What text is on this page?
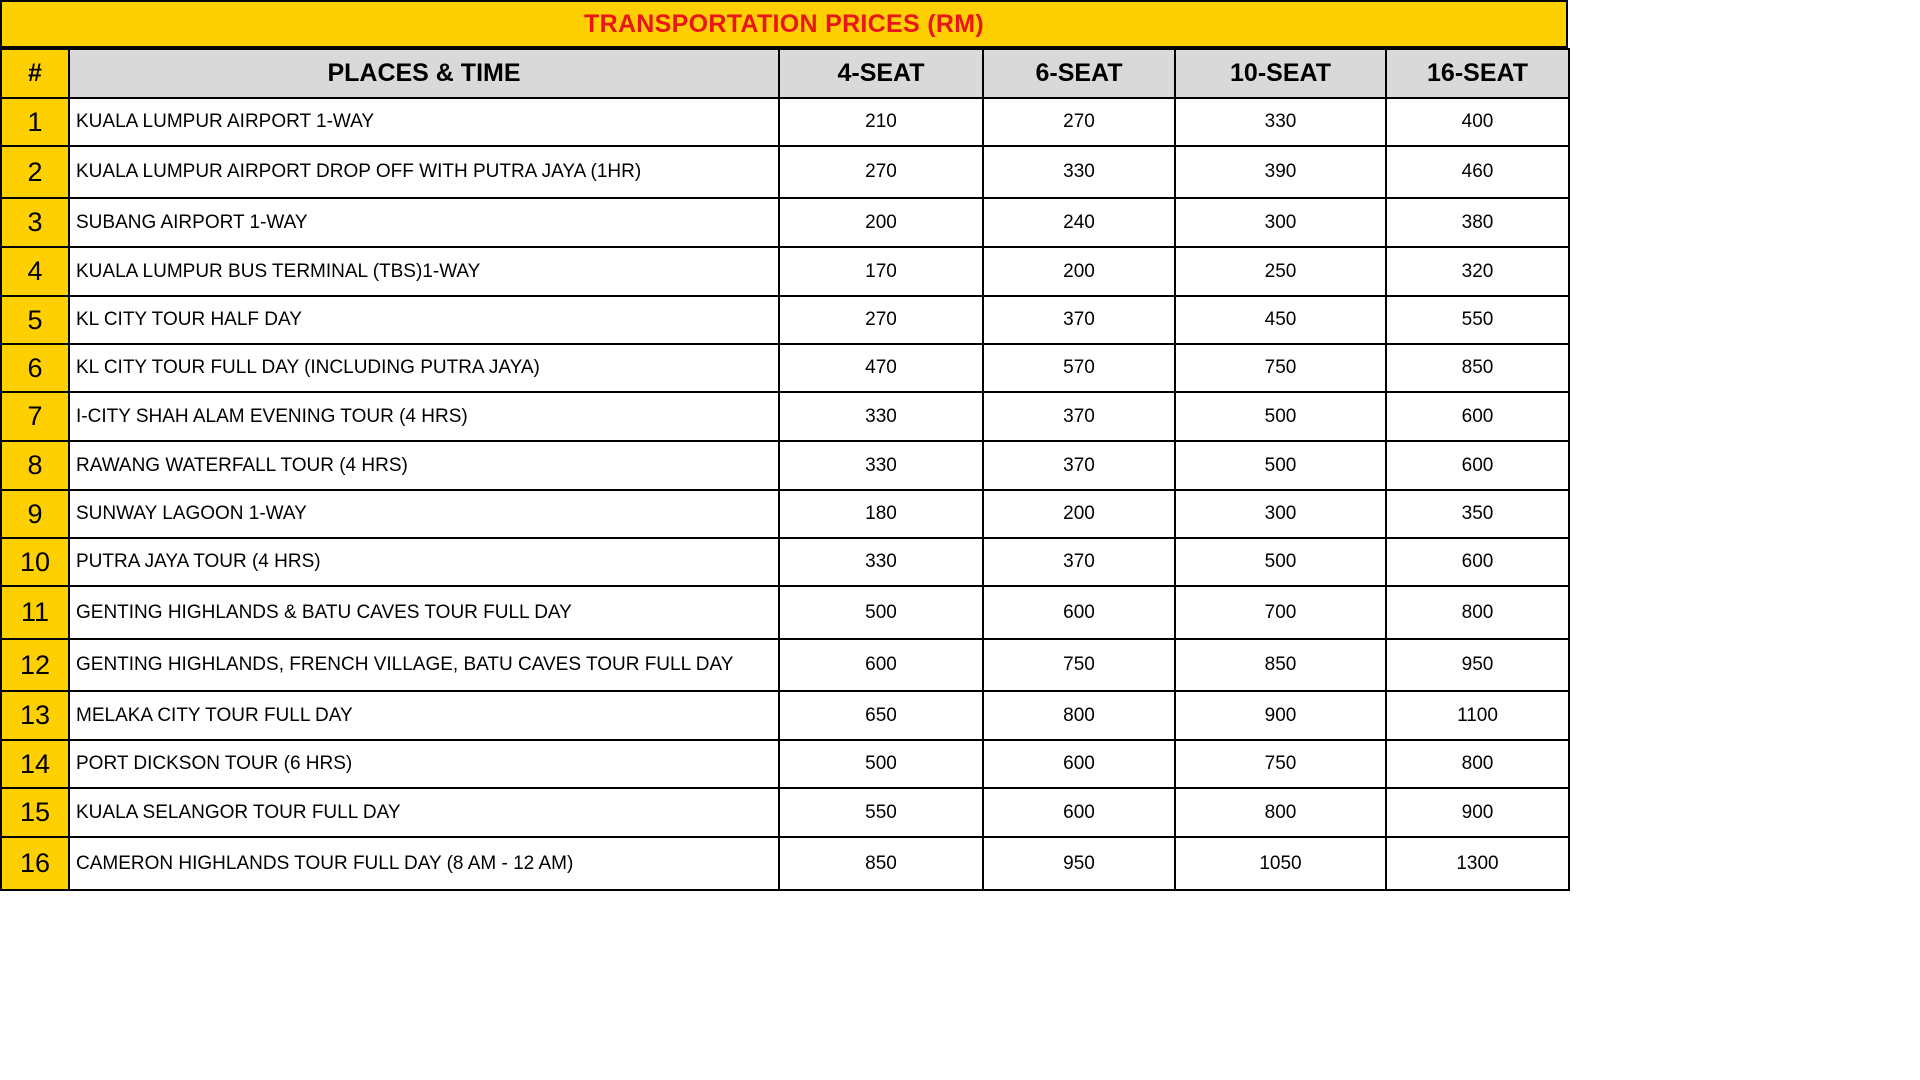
TRANSPORTATION PRICES (RM)
#	PLACES & TIME	4-SEAT	6-SEAT	10-SEAT	16-SEAT
1	KUALA LUMPUR AIRPORT 1-WAY	210	270	330	400
2	KUALA LUMPUR AIRPORT DROP OFF WITH PUTRA JAYA (1HR)	270	330	390	460
3	SUBANG AIRPORT 1-WAY	200	240	300	380
4	KUALA LUMPUR BUS TERMINAL (TBS)1-WAY	170	200	250	320
5	KL CITY TOUR HALF DAY	270	370	450	550
6	KL CITY TOUR FULL DAY (INCLUDING PUTRA JAYA)	470	570	750	850
7	I-CITY SHAH ALAM EVENING TOUR (4 HRS)	330	370	500	600
8	RAWANG WATERFALL TOUR (4 HRS)	330	370	500	600
9	SUNWAY LAGOON 1-WAY	180	200	300	350
10	PUTRA JAYA TOUR (4 HRS)	330	370	500	600
11	GENTING HIGHLANDS & BATU CAVES TOUR FULL DAY	500	600	700	800
12	GENTING HIGHLANDS, FRENCH VILLAGE, BATU CAVES TOUR FULL DAY	600	750	850	950
13	MELAKA CITY TOUR FULL DAY	650	800	900	1100
14	PORT DICKSON TOUR (6 HRS)	500	600	750	800
15	KUALA SELANGOR TOUR FULL DAY	550	600	800	900
16	CAMERON HIGHLANDS TOUR FULL DAY (8 AM - 12 AM)	850	950	1050	1300
